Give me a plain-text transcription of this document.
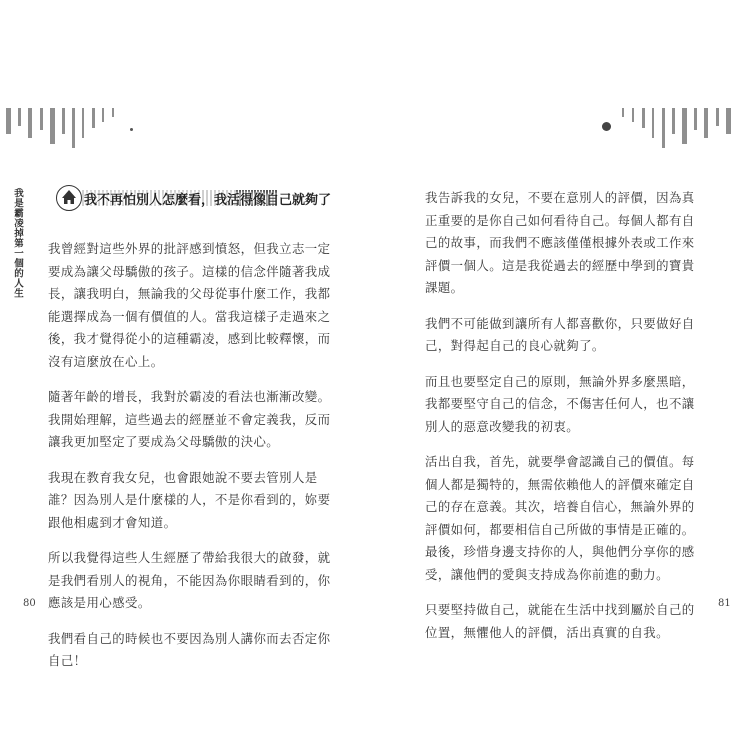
我是霸凌掉第一個的人生	我不再怕別人怎麼看，我活得像自己就夠了

我曾經對這些外界的批評感到憤怒，但我立志一定要成為讓父母驕傲的孩子。這樣的信念伴隨著我成長，讓我明白，無論我的父母從事什麼工作，我都能選擇成為一個有價值的人。當我這樣子走過來之後，我才覺得從小的這種霸凌，感到比較釋懷，而沒有這麼放在心上。

隨著年齡的增長，我對於霸凌的看法也漸漸改變。我開始理解，這些過去的經歷並不會定義我，反而讓我更加堅定了要成為父母驕傲的決心。

我現在教育我女兒，也會跟她說不要去管別人是誰？因為別人是什麼樣的人，不是你看到的，妳要跟他相處到才會知道。

所以我覺得這些人生經歷了帶給我很大的啟發，就是我們看別人的視角，不能因為你眼睛看到的，你應該是用心感受。

我們看自己的時候也不要因為別人講你而去否定你自己！

80

我告訴我的女兒，不要在意別人的評價，因為真正重要的是你自己如何看待自己。每個人都有自己的故事，而我們不應該僅僅根據外表或工作來評價一個人。這是我從過去的經歷中學到的寶貴課題。

我們不可能做到讓所有人都喜歡你，只要做好自己，對得起自己的良心就夠了。

而且也要堅定自己的原則，無論外界多麼黑暗，我都要堅守自己的信念，不傷害任何人，也不讓別人的惡意改變我的初衷。

活出自我，首先，就要學會認識自己的價值。每個人都是獨特的，無需依賴他人的評價來確定自己的存在意義。其次，培養自信心，無論外界的評價如何，都要相信自己所做的事情是正確的。最後，珍惜身邊支持你的人，與他們分享你的感受，讓他們的愛與支持成為你前進的動力。

只要堅持做自己，就能在生活中找到屬於自己的位置，無懼他人的評價，活出真實的自我。

81
